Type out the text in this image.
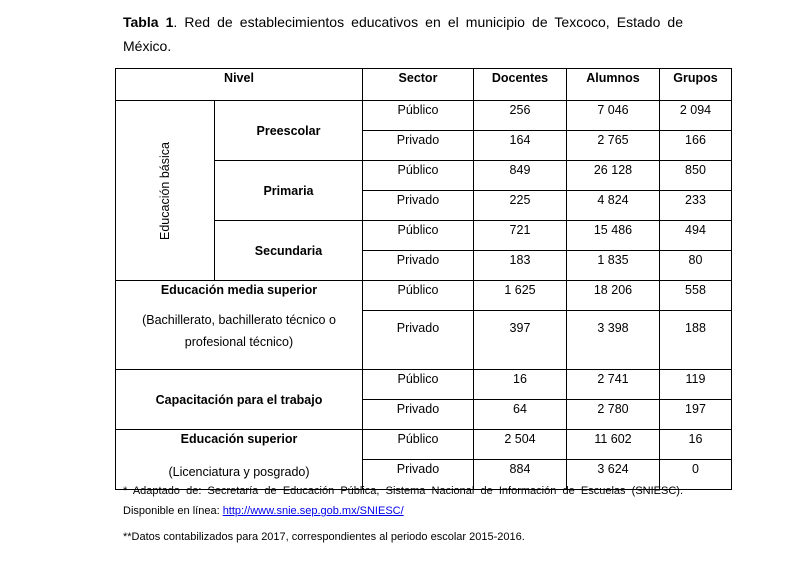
Tabla 1. Red de establecimientos educativos en el municipio de Texcoco, Estado de México.
Nivel		Sector	Docentes	Alumnos	Grupos
Educación básica	Preescolar	Público	256	7 046	2 094
		Privado	164	2 765	166
	Primaria	Público	849	26 128	850
		Privado	225	4 824	233
	Secundaria	Público	721	15 486	494
		Privado	183	1 835	80

Educación media superior
(Bachillerato, bachillerato técnico o profesional técnico)		Público	1 625	18 206	558
		Privado	397	3 398	188
Capacitación para el trabajo		Público	16	2 741	119
		Privado	64	2 780	197

Educación superior
(Licenciatura y posgrado)		Público	2 504	11 602	16
		Privado	884	3 624	0
* Adaptado de: Secretaría de Educación Pública, Sistema Nacional de Información de Escuelas (SNIESC). Disponible en línea: http://www.snie.sep.gob.mx/SNIESC/
**Datos contabilizados para 2017, correspondientes al periodo escolar 2015-2016.
